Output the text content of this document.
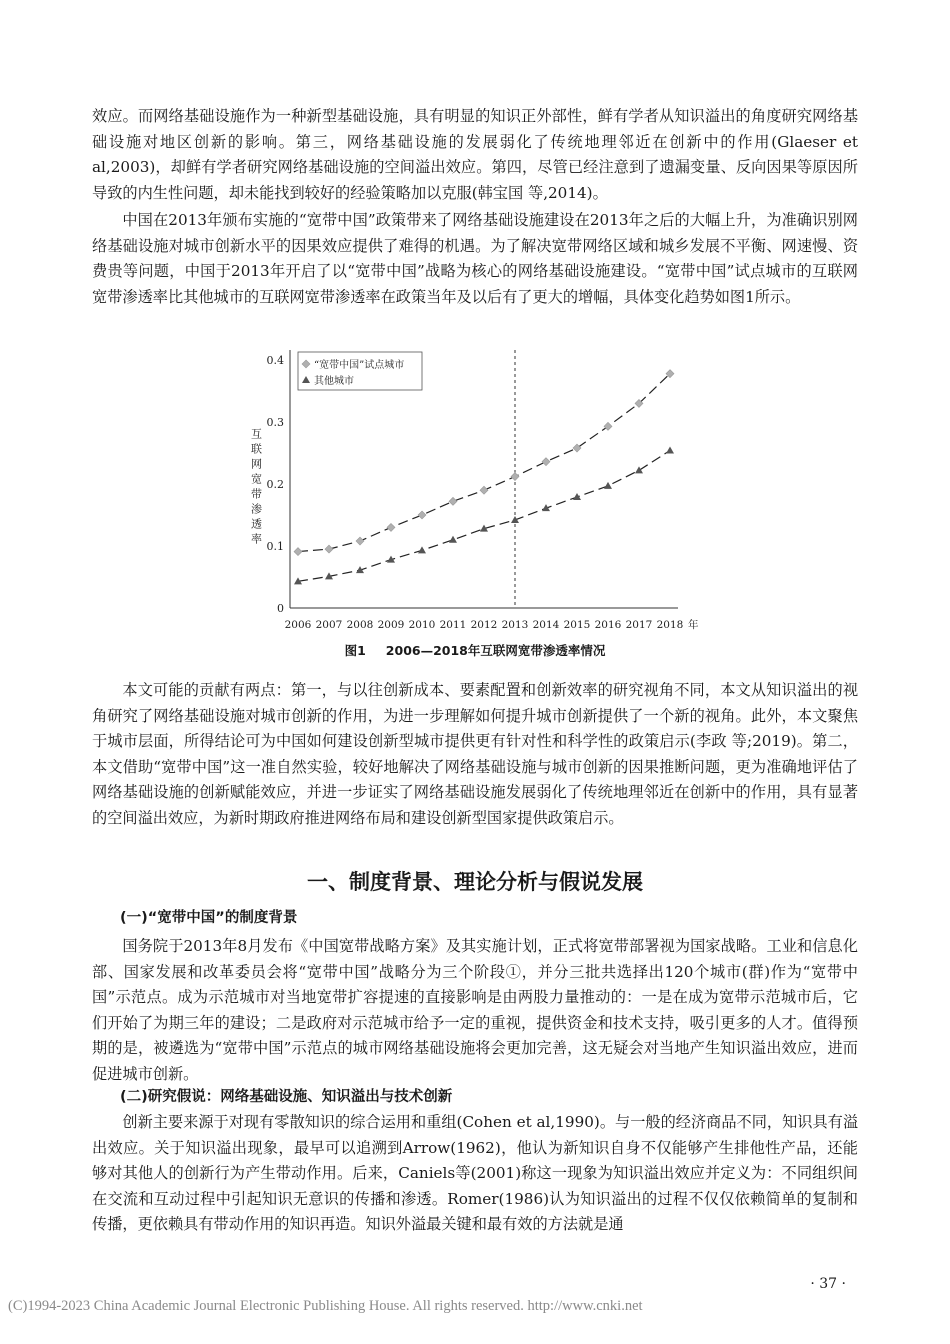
效应。而网络基础设施作为一种新型基础设施，具有明显的知识正外部性，鲜有学者从知识溢出的角度研究网络基础设施对地区创新的影响。第三，网络基础设施的发展弱化了传统地理邻近在创新中的作用(Glaeser et al,2003)，却鲜有学者研究网络基础设施的空间溢出效应。第四，尽管已经注意到了遗漏变量、反向因果等原因所导致的内生性问题，却未能找到较好的经验策略加以克服(韩宝国 等,2014)。

中国在2013年颁布实施的“宽带中国”政策带来了网络基础设施建设在2013年之后的大幅上升，为准确识别网络基础设施对城市创新水平的因果效应提供了难得的机遇。为了解决宽带网络区域和城乡发展不平衡、网速慢、资费贵等问题，中国于2013年开启了以“宽带中国”战略为核心的网络基础设施建设。“宽带中国”试点城市的互联网宽带渗透率比其他城市的互联网宽带渗透率在政策当年及以后有了更大的增幅，具体变化趋势如图1所示。

0
0.1
0.2
0.3
0.4
互联网宽带渗透率
2006 2007 2008 2009 2010 2011 2012 2013 2014 2015 2016 2017 2018 年
“宽带中国”试点城市
其他城市
图1 2006—2018年互联网宽带渗透率情况

本文可能的贡献有两点：第一，与以往创新成本、要素配置和创新效率的研究视角不同，本文从知识溢出的视角研究了网络基础设施对城市创新的作用，为进一步理解如何提升城市创新提供了一个新的视角。此外，本文聚焦于城市层面，所得结论可为中国如何建设创新型城市提供更有针对性和科学性的政策启示(李政 等;2019)。第二，本文借助“宽带中国”这一准自然实验，较好地解决了网络基础设施与城市创新的因果推断问题，更为准确地评估了网络基础设施的创新赋能效应，并进一步证实了网络基础设施发展弱化了传统地理邻近在创新中的作用，具有显著的空间溢出效应，为新时期政府推进网络布局和建设创新型国家提供政策启示。

一、制度背景、理论分析与假说发展
(一)“宽带中国”的制度背景

国务院于2013年8月发布《中国宽带战略方案》及其实施计划，正式将宽带部署视为国家战略。工业和信息化部、国家发展和改革委员会将“宽带中国”战略分为三个阶段①，并分三批共选择出120个城市(群)作为“宽带中国”示范点。成为示范城市对当地宽带扩容提速的直接影响是由两股力量推动的：一是在成为宽带示范城市后，它们开始了为期三年的建设；二是政府对示范城市给予一定的重视，提供资金和技术支持，吸引更多的人才。值得预期的是，被遴选为“宽带中国”示范点的城市网络基础设施将会更加完善，这无疑会对当地产生知识溢出效应，进而促进城市创新。

(二)研究假说：网络基础设施、知识溢出与技术创新

创新主要来源于对现有零散知识的综合运用和重组(Cohen et al,1990)。与一般的经济商品不同，知识具有溢出效应。关于知识溢出现象，最早可以追溯到Arrow(1962)，他认为新知识自身不仅能够产生排他性产品，还能够对其他人的创新行为产生带动作用。后来，Caniels等(2001)称这一现象为知识溢出效应并定义为：不同组织间在交流和互动过程中引起知识无意识的传播和渗透。Romer(1986)认为知识溢出的过程不仅仅依赖简单的复制和传播，更依赖具有带动作用的知识再造。知识外溢最关键和最有效的方法就是通

· 37 ·
(C)1994-2023 China Academic Journal Electronic Publishing House. All rights reserved. http://www.cnki.net
